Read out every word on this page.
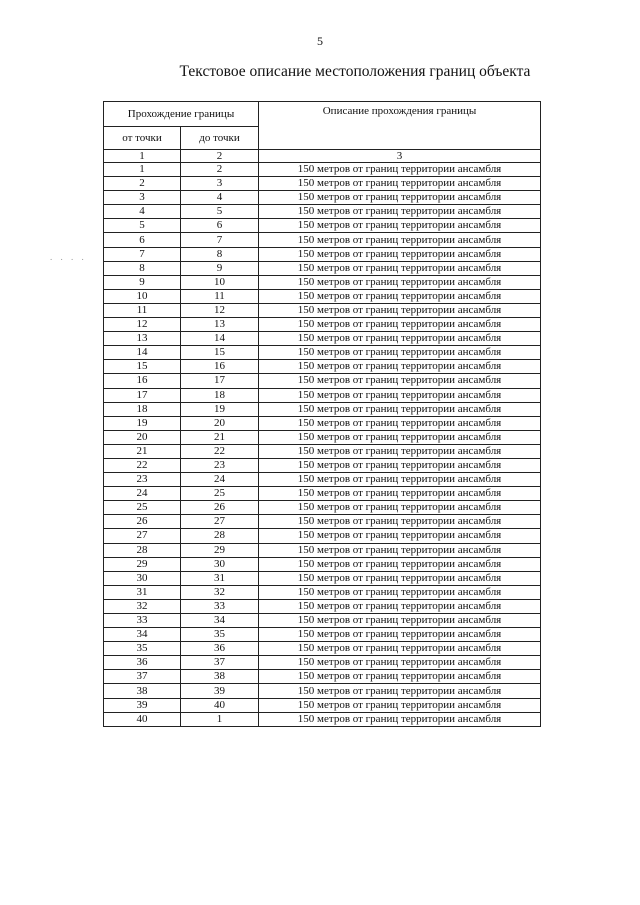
5
Текстовое описание местоположения границ объекта
. . . .
Прохождение границы		Описание прохождения границы
от точки	до точки	
1	2	3
1	2	150 метров от границ территории ансамбля
2	3	150 метров от границ территории ансамбля
3	4	150 метров от границ территории ансамбля
4	5	150 метров от границ территории ансамбля
5	6	150 метров от границ территории ансамбля
6	7	150 метров от границ территории ансамбля
7	8	150 метров от границ территории ансамбля
8	9	150 метров от границ территории ансамбля
9	10	150 метров от границ территории ансамбля
10	11	150 метров от границ территории ансамбля
11	12	150 метров от границ территории ансамбля
12	13	150 метров от границ территории ансамбля
13	14	150 метров от границ территории ансамбля
14	15	150 метров от границ территории ансамбля
15	16	150 метров от границ территории ансамбля
16	17	150 метров от границ территории ансамбля
17	18	150 метров от границ территории ансамбля
18	19	150 метров от границ территории ансамбля
19	20	150 метров от границ территории ансамбля
20	21	150 метров от границ территории ансамбля
21	22	150 метров от границ территории ансамбля
22	23	150 метров от границ территории ансамбля
23	24	150 метров от границ территории ансамбля
24	25	150 метров от границ территории ансамбля
25	26	150 метров от границ территории ансамбля
26	27	150 метров от границ территории ансамбля
27	28	150 метров от границ территории ансамбля
28	29	150 метров от границ территории ансамбля
29	30	150 метров от границ территории ансамбля
30	31	150 метров от границ территории ансамбля
31	32	150 метров от границ территории ансамбля
32	33	150 метров от границ территории ансамбля
33	34	150 метров от границ территории ансамбля
34	35	150 метров от границ территории ансамбля
35	36	150 метров от границ территории ансамбля
36	37	150 метров от границ территории ансамбля
37	38	150 метров от границ территории ансамбля
38	39	150 метров от границ территории ансамбля
39	40	150 метров от границ территории ансамбля
40	1	150 метров от границ территории ансамбля
